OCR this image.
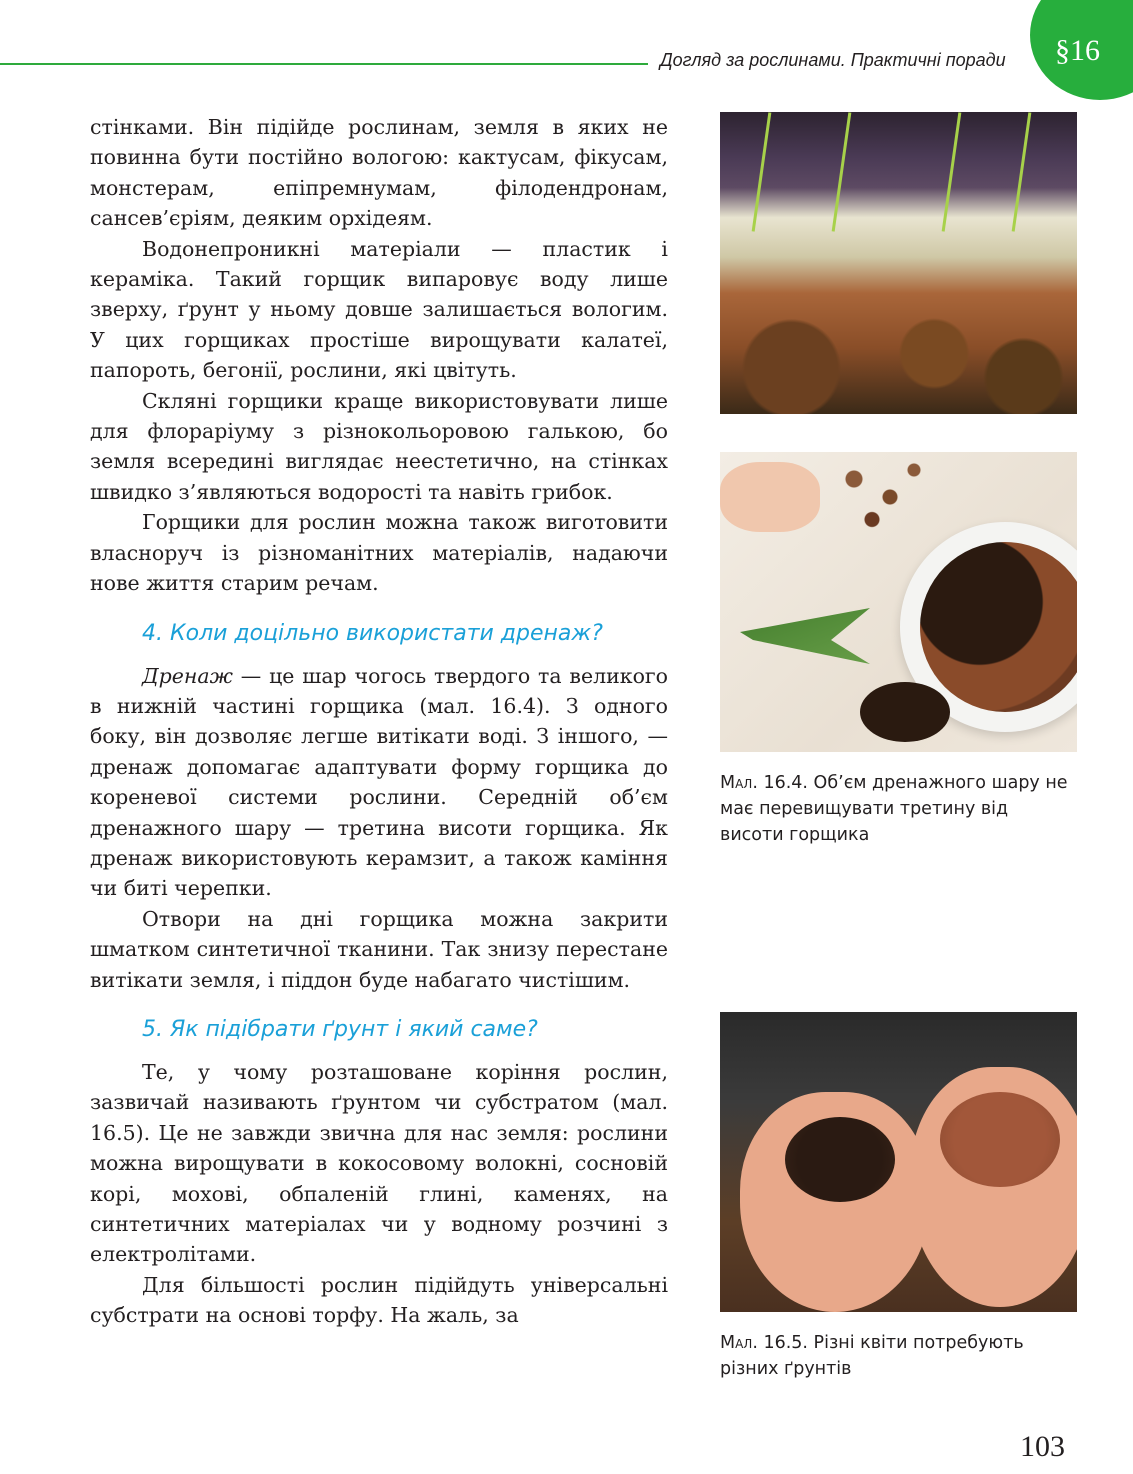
Догляд за рослинами. Практичні поради	§16

стінками. Він підійде рослинам, земля в яких не повинна бути постійно вологою: кактусам, фікусам, монстерам, епіпремнумам, філодендронам, сансев’єріям, деяким орхідеям.

Водонепроникні матеріали — пластик і кераміка. Такий горщик випаровує воду лише зверху, ґрунт у ньому довше залишається вологим. У цих горщиках простіше вирощувати калатеї, папороть, бегонії, рослини, які цвітуть.

Скляні горщики краще використовувати лише для флораріуму з різнокольоровою галькою, бо земля всередині виглядає неестетично, на стінках швидко з’являються водорості та навіть грибок.

Горщики для рослин можна також виготовити власноруч із різноманітних матеріалів, надаючи нове життя старим речам.

4. Коли доцільно використати дренаж?

Дренаж — це шар чогось твердого та великого в нижній частині горщика (мал. 16.4). З одного боку, він дозволяє легше витікати воді. З іншого, — дренаж допомагає адаптувати форму горщика до кореневої системи рослини. Середній об’єм дренажного шару — третина висоти горщика. Як дренаж використовують керамзит, а також каміння чи биті черепки.

Отвори на дні горщика можна закрити шматком синтетичної тканини. Так знизу перестане витікати земля, і піддон буде набагато чистішим.

5. Як підібрати ґрунт і який саме?

Те, у чому розташоване коріння рослин, зазвичай називають ґрунтом чи субстратом (мал. 16.5). Це не завжди звична для нас земля: рослини можна вирощувати в кокосовому волокні, сосновій корі, мохові, обпаленій глині, каменях, на синтетичних матеріалах чи у водному розчині з електролітами.

Для більшості рослин підійдуть універсальні субстрати на основі торфу. На жаль, за

Мал. 16.4. Об’єм дренажного шару не має перевищувати третину від висоти горщика
Мал. 16.5. Різні квіти потребують різних ґрунтів
103
